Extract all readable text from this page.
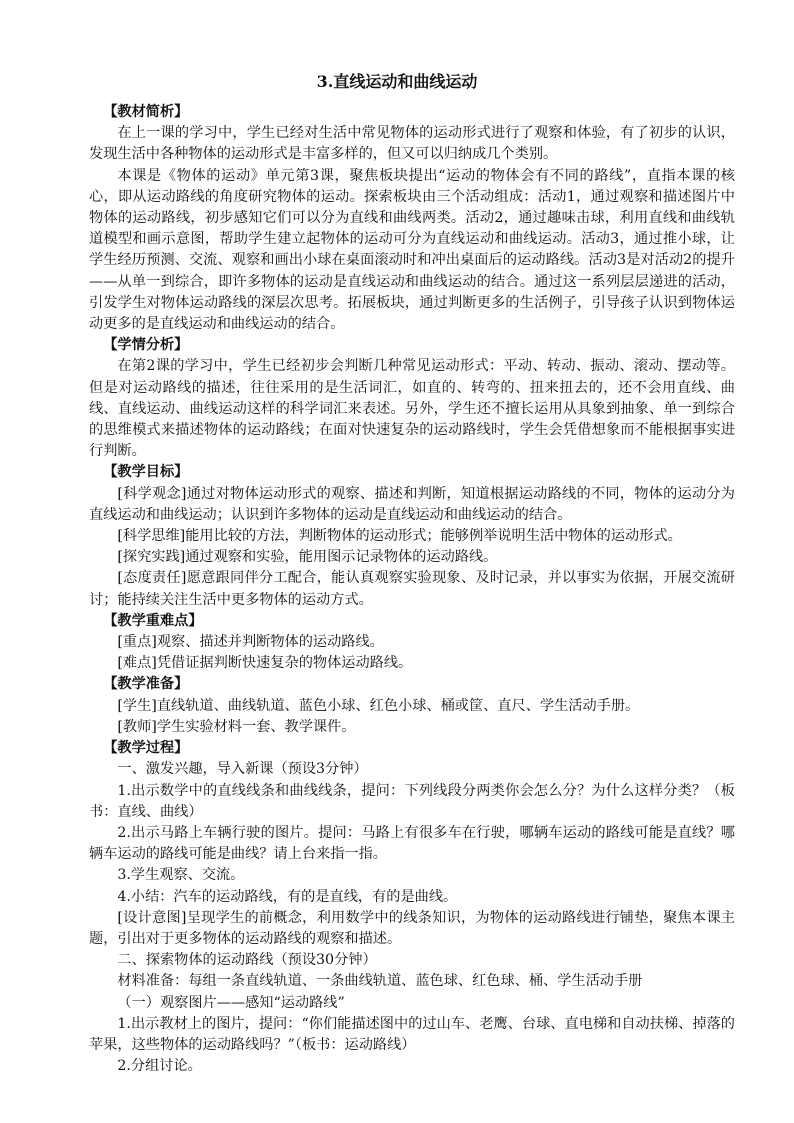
3.直线运动和曲线运动

【教材简析】

在上一课的学习中，学生已经对生活中常见物体的运动形式进行了观察和体验，有了初步的认识，发现生活中各种物体的运动形式是丰富多样的，但又可以归纳成几个类别。

本课是《物体的运动》单元第3课，聚焦板块提出“运动的物体会有不同的路线”，直指本课的核心，即从运动路线的角度研究物体的运动。探索板块由三个活动组成：活动1，通过观察和描述图片中物体的运动路线，初步感知它们可以分为直线和曲线两类。活动2，通过趣味击球，利用直线和曲线轨道模型和画示意图，帮助学生建立起物体的运动可分为直线运动和曲线运动。活动3，通过推小球，让学生经历预测、交流、观察和画出小球在桌面滚动时和冲出桌面后的运动路线。活动3是对活动2的提升——从单一到综合，即许多物体的运动是直线运动和曲线运动的结合。通过这一系列层层递进的活动，引发学生对物体运动路线的深层次思考。拓展板块，通过判断更多的生活例子，引导孩子认识到物体运动更多的是直线运动和曲线运动的结合。

【学情分析】

在第2课的学习中，学生已经初步会判断几种常见运动形式：平动、转动、振动、滚动、摆动等。但是对运动路线的描述，往往采用的是生活词汇，如直的、转弯的、扭来扭去的，还不会用直线、曲线、直线运动、曲线运动这样的科学词汇来表述。另外，学生还不擅长运用从具象到抽象、单一到综合的思维模式来描述物体的运动路线；在面对快速复杂的运动路线时，学生会凭借想象而不能根据事实进行判断。

【教学目标】

[科学观念]通过对物体运动形式的观察、描述和判断，知道根据运动路线的不同，物体的运动分为直线运动和曲线运动；认识到许多物体的运动是直线运动和曲线运动的结合。

[科学思维]能用比较的方法，判断物体的运动形式；能够例举说明生活中物体的运动形式。

[探究实践]通过观察和实验，能用图示记录物体的运动路线。

[态度责任]愿意跟同伴分工配合，能认真观察实验现象、及时记录，并以事实为依据，开展交流研讨；能持续关注生活中更多物体的运动方式。

【教学重难点】

[重点]观察、描述并判断物体的运动路线。

[难点]凭借证据判断快速复杂的物体运动路线。

【教学准备】

[学生]直线轨道、曲线轨道、蓝色小球、红色小球、桶或筐、直尺、学生活动手册。

[教师]学生实验材料一套、教学课件。

【教学过程】

一、激发兴趣，导入新课（预设3分钟）

1.出示数学中的直线线条和曲线线条，提问：下列线段分两类你会怎么分？为什么这样分类？（板书：直线、曲线）

2.出示马路上车辆行驶的图片。提问：马路上有很多车在行驶，哪辆车运动的路线可能是直线？哪辆车运动的路线可能是曲线？请上台来指一指。

3.学生观察、交流。

4.小结：汽车的运动路线，有的是直线，有的是曲线。

[设计意图]呈现学生的前概念，利用数学中的线条知识，为物体的运动路线进行铺垫，聚焦本课主题，引出对于更多物体的运动路线的观察和描述。

二、探索物体的运动路线（预设30分钟）

材料准备：每组一条直线轨道、一条曲线轨道、蓝色球、红色球、桶、学生活动手册

（一）观察图片——感知“运动路线”

1.出示教材上的图片，提问：“你们能描述图中的过山车、老鹰、台球、直电梯和自动扶梯、掉落的苹果，这些物体的运动路线吗？”（板书：运动路线）

2.分组讨论。
